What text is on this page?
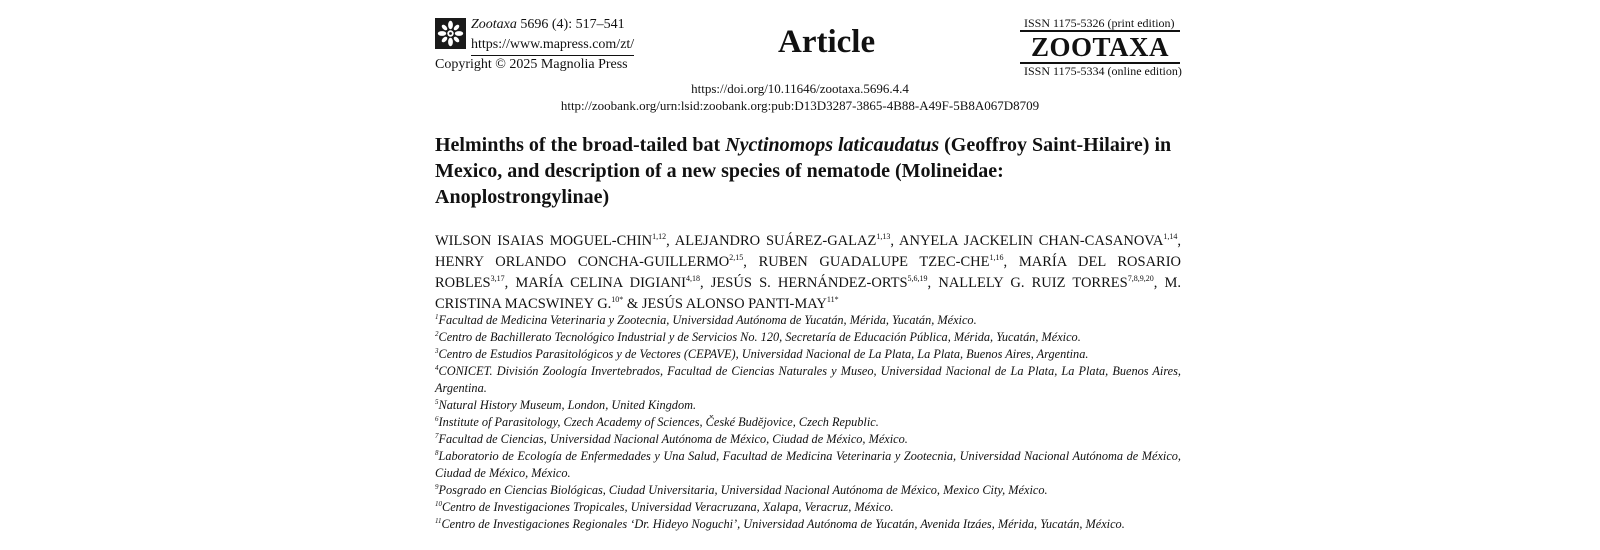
Zootaxa 5696 (4): 517–541
https://www.mapress.com/zt/
Copyright © 2025 Magnolia Press
Article
ISSN 1175-5326 (print edition)
ZOOTAXA
ISSN 1175-5334 (online edition)
https://doi.org/10.11646/zootaxa.5696.4.4
http://zoobank.org/urn:lsid:zoobank.org:pub:D13D3287-3865-4B88-A49F-5B8A067D8709
Helminths of the broad-tailed bat Nyctinomops laticaudatus (Geoffroy Saint-Hilaire) in Mexico, and description of a new species of nematode (Molineidae: Anoplostrongylinae)
WILSON ISAIAS MOGUEL-CHIN$^{1,12}$, ALEJANDRO SUÁREZ-GALAZ$^{1,13}$, ANYELA JACKELIN CHAN-CASANOVA$^{1,14}$, HENRY ORLANDO CONCHA-GUILLERMO$^{2,15}$, RUBEN GUADALUPE TZEC-CHE$^{1,16}$, MARÍA DEL ROSARIO ROBLES$^{3,17}$, MARÍA CELINA DIGIANI$^{4,18}$, JESÚS S. HERNÁNDEZ-ORTS$^{5,6,19}$, NALLELY G. RUIZ TORRES$^{7,8,9,20}$, M. CRISTINA MACSWINEY G.$^{10*}$ & JESÚS ALONSO PANTI-$MAY^{11*}$

$^1$Facultad de Medicina Veterinaria y Zootecnia, Universidad Autónoma de Yucatán, Mérida, Yucatán, México.

$^2$Centro de Bachillerato Tecnológico Industrial y de Servicios No. 120, Secretaría de Educación Pública, Mérida, Yucatán, México.

$^3$Centro de Estudios Parasitológicos y de Vectores (CEPAVE), Universidad Nacional de La Plata, La Plata, Buenos Aires, Argentina.

$^4$CONICET. División Zoología Invertebrados, Facultad de Ciencias Naturales y Museo, Universidad Nacional de La Plata, La Plata, Buenos Aires, Argentina.

$^5$Natural History Museum, London, United Kingdom.

$^6$Institute of Parasitology, Czech Academy of Sciences, České Budějovice, Czech Republic.

$^7$Facultad de Ciencias, Universidad Nacional Autónoma de México, Ciudad de México, México.

$^8$Laboratorio de Ecología de Enfermedades y Una Salud, Facultad de Medicina Veterinaria y Zootecnia, Universidad Nacional Autónoma de México, Ciudad de México, México.

$^9$Posgrado en Ciencias Biológicas, Ciudad Universitaria, Universidad Nacional Autónoma de México, Mexico City, México.

$^{10}$Centro de Investigaciones Tropicales, Universidad Veracruzana, Xalapa, Veracruz, México.

$^{11}$Centro de Investigaciones Regionales ‘Dr. Hideyo Noguchi’, Universidad Autónoma de Yucatán, Avenida Itzáes, Mérida, Yucatán, México.
